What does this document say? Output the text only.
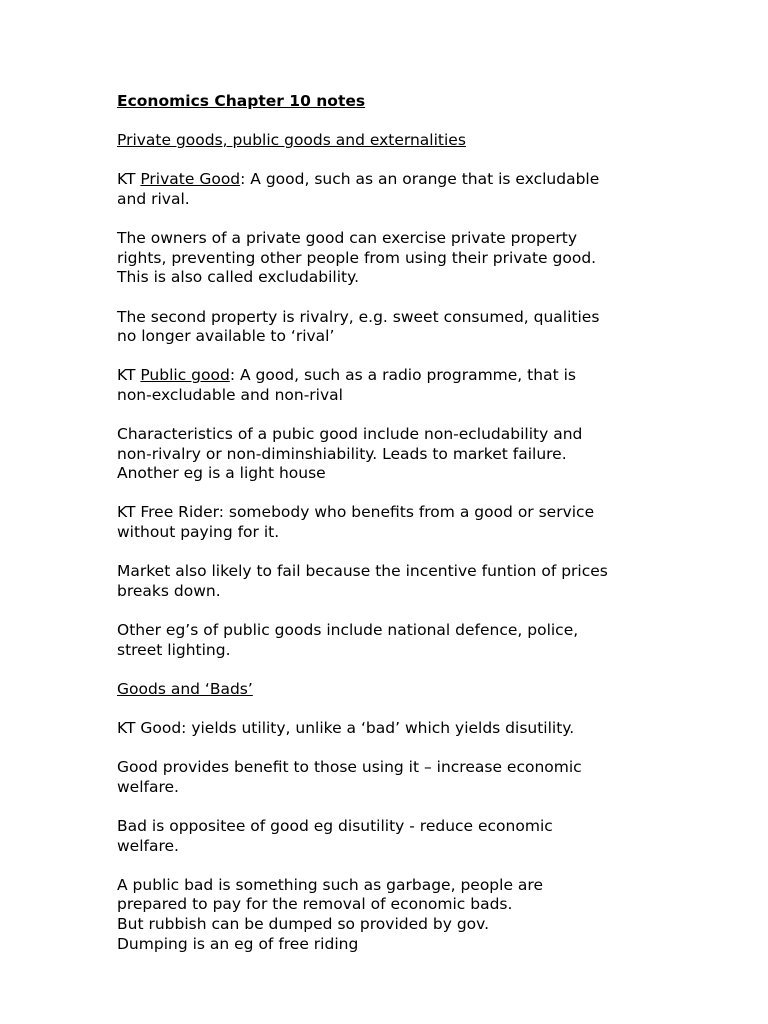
Economics Chapter 10 notes
Private goods, public goods and externalities
KT Private Good: A good, such as an orange that is excludable
and rival.
The owners of a private good can exercise private property
rights, preventing other people from using their private good.
This is also called excludability.
The second property is rivalry, e.g. sweet consumed, qualities
no longer available to ‘rival’
KT Public good: A good, such as a radio programme, that is
non-excludable and non-rival
Characteristics of a pubic good include non-ecludability and
non-rivalry or non-diminshiability. Leads to market failure.
Another eg is a light house
KT Free Rider: somebody who benefits from a good or service
without paying for it.
Market also likely to fail because the incentive funtion of prices
breaks down.
Other eg’s of public goods include national defence, police,
street lighting.
Goods and ‘Bads’
KT Good: yields utility, unlike a ‘bad’ which yields disutility.
Good provides benefit to those using it – increase economic
welfare.
Bad is oppositee of good eg disutility - reduce economic
welfare.
A public bad is something such as garbage, people are
prepared to pay for the removal of economic bads.
But rubbish can be dumped so provided by gov.
Dumping is an eg of free riding
